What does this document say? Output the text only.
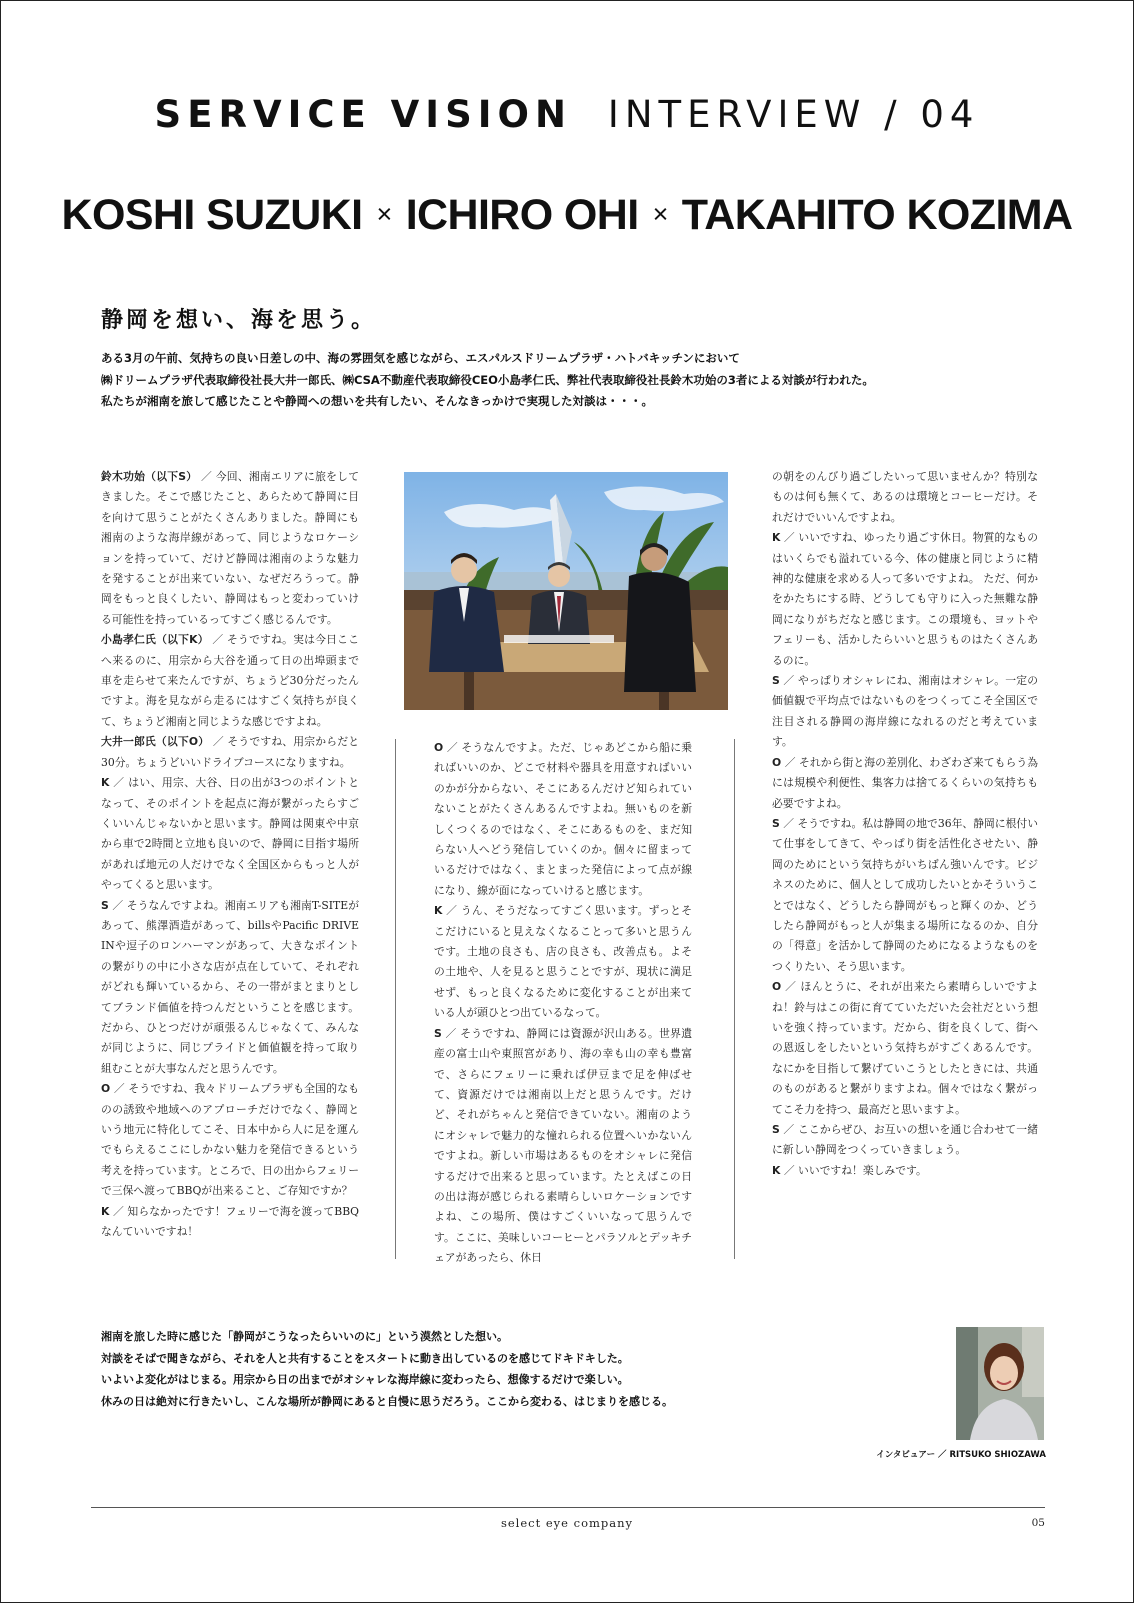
SERVICE VISION INTERVIEW / 04
KOSHI SUZUKI × ICHIRO OHI × TAKAHITO KOZIMA
静岡を想い、海を思う。

ある3月の午前、気持ちの良い日差しの中、海の雰囲気を感じながら、エスパルスドリームプラザ・ハトバキッチンにおいて

㈱ドリームプラザ代表取締役社長大井一郎氏、㈱CSA不動産代表取締役CEO小島孝仁氏、弊社代表取締役社長鈴木功始の3者による対談が行われた。

私たちが湘南を旅して感じたことや静岡への想いを共有したい、そんなきっかけで実現した対談は・・・。

鈴木功始（以下S） ／ 今回、湘南エリアに旅をしてきました。そこで感じたこと、あらためて静岡に目を向けて思うことがたくさんありました。静岡にも湘南のような海岸線があって、同じようなロケーションを持っていて、だけど静岡は湘南のような魅力を発することが出来ていない、なぜだろうって。静岡をもっと良くしたい、静岡はもっと変わっていける可能性を持っているってすごく感じるんです。

小島孝仁氏（以下K） ／ そうですね。実は今日ここへ来るのに、用宗から大谷を通って日の出埠頭まで車を走らせて来たんですが、ちょうど30分だったんですよ。海を見ながら走るにはすごく気持ちが良くて、ちょうど湘南と同じような感じですよね。

大井一郎氏（以下O） ／ そうですね、用宗からだと30分。ちょうどいいドライブコースになりますね。

K ／ はい、用宗、大谷、日の出が3つのポイントとなって、そのポイントを起点に海が繋がったらすごくいいんじゃないかと思います。静岡は関東や中京から車で2時間と立地も良いので、静岡に目指す場所があれば地元の人だけでなく全国区からもっと人がやってくると思います。

S ／ そうなんですよね。湘南エリアも湘南T-SITEがあって、熊澤酒造があって、billsやPacific DRIVE INや逗子のロンハーマンがあって、大きなポイントの繋がりの中に小さな店が点在していて、それぞれがどれも輝いているから、その一帯がまとまりとしてブランド価値を持つんだということを感じます。だから、ひとつだけが頑張るんじゃなくて、みんなが同じように、同じプライドと価値観を持って取り組むことが大事なんだと思うんです。

O ／ そうですね、我々ドリームプラザも全国的なものの誘致や地域へのアプローチだけでなく、静岡という地元に特化してこそ、日本中から人に足を運んでもらえるここにしかない魅力を発信できるという考えを持っています。ところで、日の出からフェリーで三保へ渡ってBBQが出来ること、ご存知ですか？

K ／ 知らなかったです！フェリーで海を渡ってBBQなんていいですね！

O ／ そうなんですよ。ただ、じゃあどこから船に乗ればいいのか、どこで材料や器具を用意すればいいのかが分からない、そこにあるんだけど知られていないことがたくさんあるんですよね。無いものを新しくつくるのではなく、そこにあるものを、まだ知らない人へどう発信していくのか。個々に留まっているだけではなく、まとまった発信によって点が線になり、線が面になっていけると感じます。

K ／ うん、そうだなってすごく思います。ずっとそこだけにいると見えなくなることって多いと思うんです。土地の良さも、店の良さも、改善点も。よその土地や、人を見ると思うことですが、現状に満足せず、もっと良くなるために変化することが出来ている人が頭ひとつ出ているなって。

S ／ そうですね、静岡には資源が沢山ある。世界遺産の富士山や東照宮があり、海の幸も山の幸も豊富で、さらにフェリーに乗れば伊豆まで足を伸ばせて、資源だけでは湘南以上だと思うんです。だけど、それがちゃんと発信できていない。湘南のようにオシャレで魅力的な憧れられる位置へいかないんですよね。新しい市場はあるものをオシャレに発信するだけで出来ると思っています。たとえばこの日の出は海が感じられる素晴らしいロケーションですよね、この場所、僕はすごくいいなって思うんです。ここに、美味しいコーヒーとパラソルとデッキチェアがあったら、休日

の朝をのんびり過ごしたいって思いませんか？特別なものは何も無くて、あるのは環境とコーヒーだけ。それだけでいいんですよね。

K ／ いいですね、ゆったり過ごす休日。物質的なものはいくらでも溢れている今、体の健康と同じように精神的な健康を求める人って多いですよね。 ただ、何かをかたちにする時、どうしても守りに入った無難な静岡になりがちだなと感じます。この環境も、ヨットやフェリーも、活かしたらいいと思うものはたくさんあるのに。

S ／ やっぱりオシャレにね、湘南はオシャレ。一定の価値観で平均点ではないものをつくってこそ全国区で注目される静岡の海岸線になれるのだと考えています。

O ／ それから街と海の差別化、わざわざ来てもらう為には規模や利便性、集客力は捨てるくらいの気持ちも必要ですよね。

S ／ そうですね。私は静岡の地で36年、静岡に根付いて仕事をしてきて、やっぱり街を活性化させたい、静岡のためにという気持ちがいちばん強いんです。ビジネスのために、個人として成功したいとかそういうことではなく、どうしたら静岡がもっと輝くのか、どうしたら静岡がもっと人が集まる場所になるのか、自分の「得意」を活かして静岡のためになるようなものをつくりたい、そう思います。

O ／ ほんとうに、それが出来たら素晴らしいですよね！鈴与はこの街に育てていただいた会社だという想いを強く持っています。だから、街を良くして、街への恩返しをしたいという気持ちがすごくあるんです。なにかを目指して繋げていこうとしたときには、共通のものがあると繋がりますよね。個々ではなく繋がってこそ力を持つ、最高だと思いますよ。

S ／ ここからぜひ、お互いの想いを通じ合わせて一緒に新しい静岡をつくっていきましょう。

K ／ いいですね！楽しみです。

湘南を旅した時に感じた「静岡がこうなったらいいのに」という漠然とした想い。

対談をそばで聞きながら、それを人と共有することをスタートに動き出しているのを感じてドキドキした。

いよいよ変化がはじまる。用宗から日の出までがオシャレな海岸線に変わったら、想像するだけで楽しい。

休みの日は絶対に行きたいし、こんな場所が静岡にあると自慢に思うだろう。ここから変わる、はじまりを感じる。

インタビュアー ／ RITSUKO SHIOZAWA
select eye company	05
